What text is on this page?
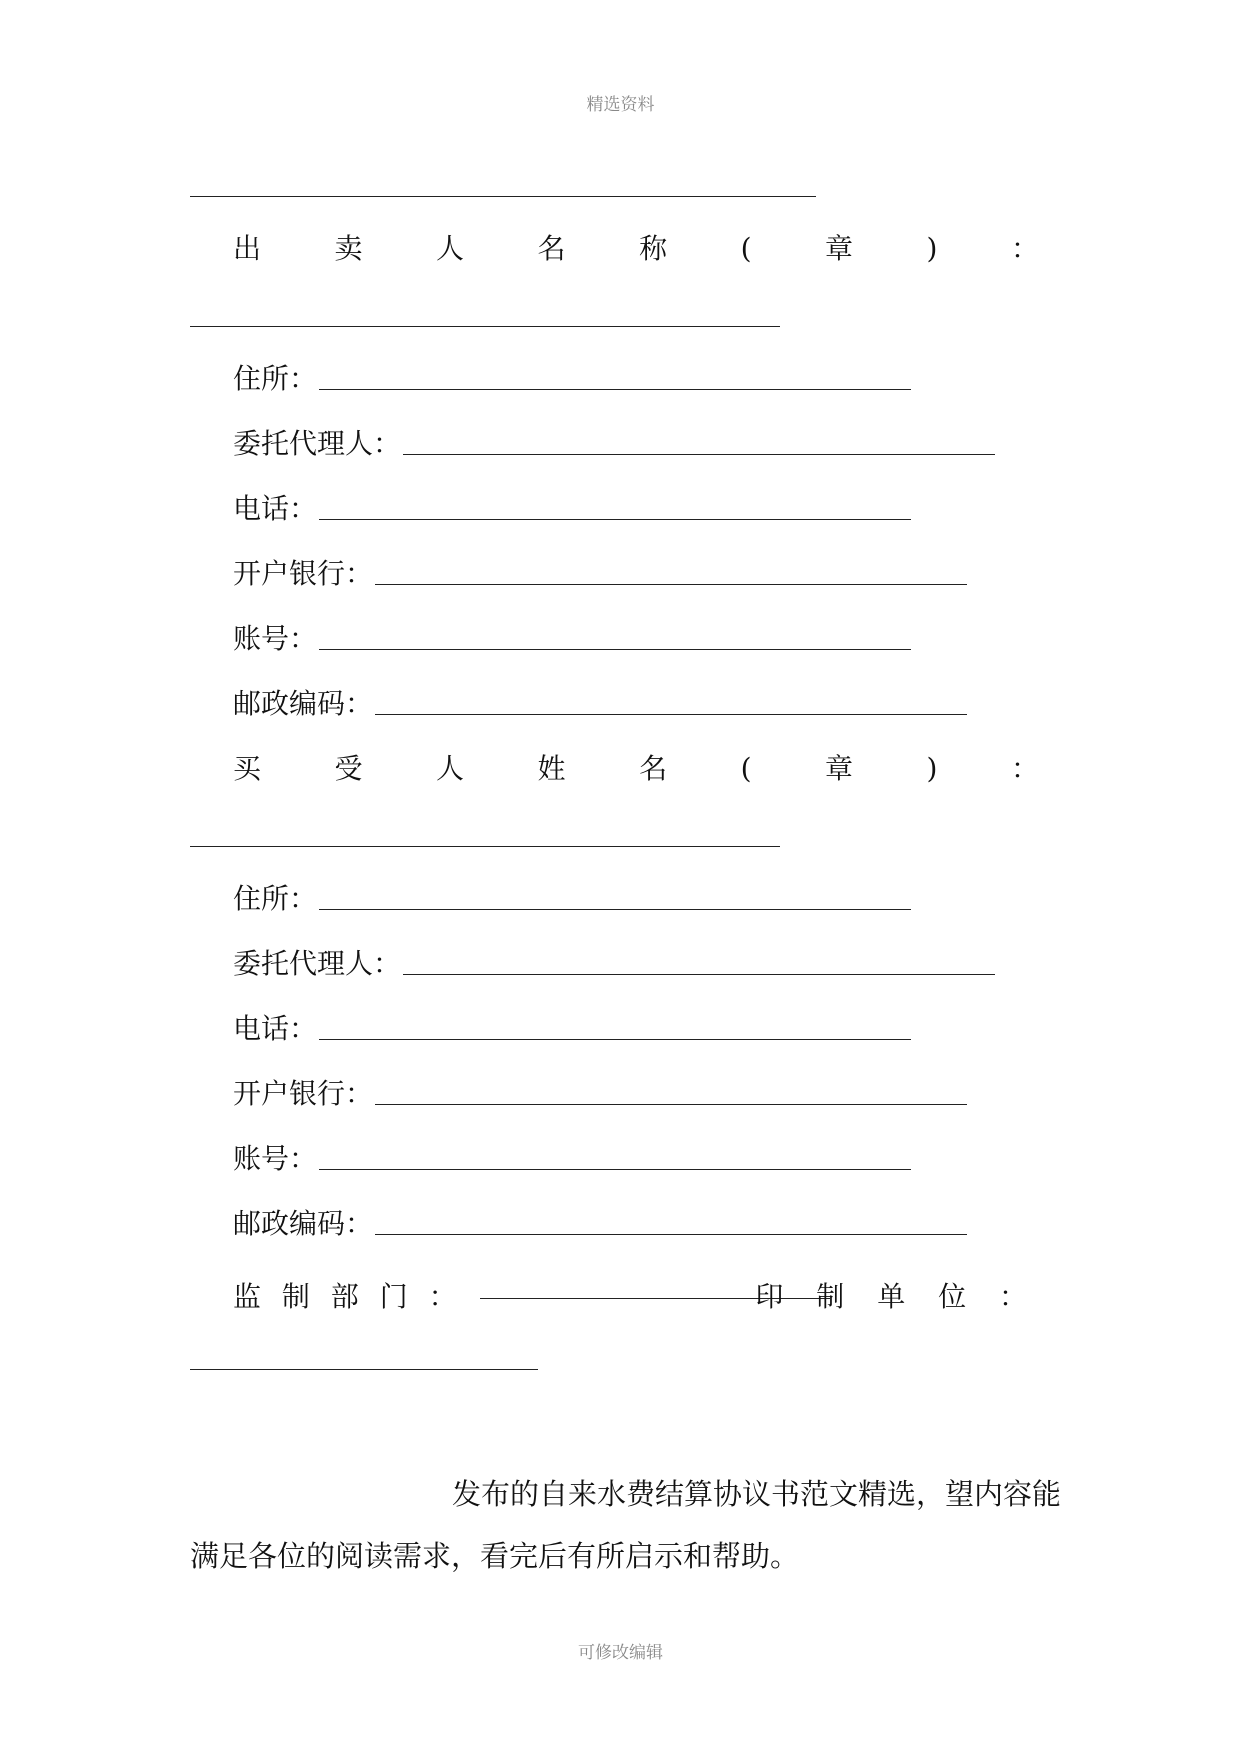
精选资料
出	卖	人	名	称	(	章	)	：
住所：
委托代理人：
电话：
开户银行：
账号：
邮政编码：
买	受	人	姓	名	(	章	)	：
住所：
委托代理人：
电话：
开户银行：
账号：
邮政编码：
监 制 部 门 ：	印 制 单 位 ：
发布的自来水费结算协议书范文精选，望内容能
满足各位的阅读需求，看完后有所启示和帮助。
可修改编辑
